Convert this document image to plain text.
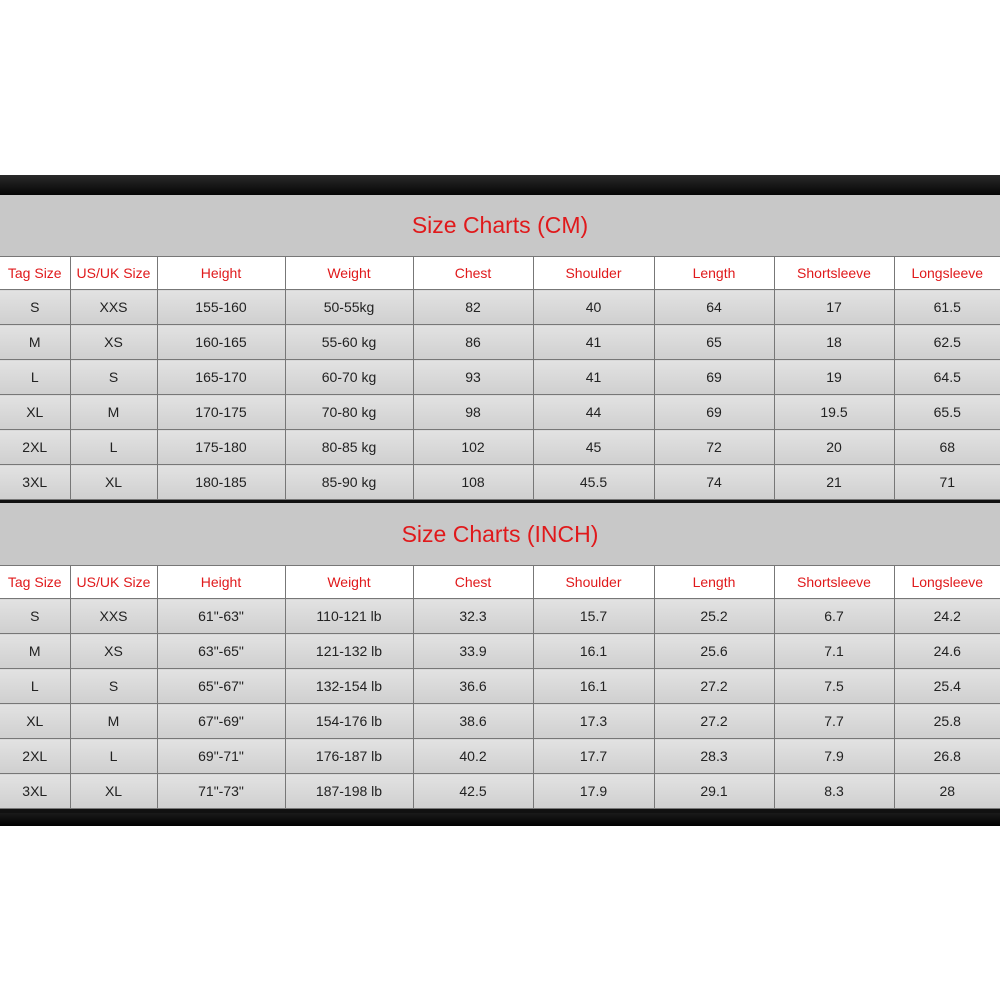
Size Charts (CM)
Tag Size	US/UK Size	Height	Weight	Chest	Shoulder	Length	Shortsleeve	Longsleeve
S	XXS	155-160	50-55kg	82	40	64	17	61.5
M	XS	160-165	55-60 kg	86	41	65	18	62.5
L	S	165-170	60-70 kg	93	41	69	19	64.5
XL	M	170-175	70-80 kg	98	44	69	19.5	65.5
2XL	L	175-180	80-85 kg	102	45	72	20	68
3XL	XL	180-185	85-90 kg	108	45.5	74	21	71
Size Charts (INCH)
Tag Size	US/UK Size	Height	Weight	Chest	Shoulder	Length	Shortsleeve	Longsleeve
S	XXS	61"-63"	110-121 lb	32.3	15.7	25.2	6.7	24.2
M	XS	63"-65"	121-132 lb	33.9	16.1	25.6	7.1	24.6
L	S	65"-67"	132-154 lb	36.6	16.1	27.2	7.5	25.4
XL	M	67"-69"	154-176 lb	38.6	17.3	27.2	7.7	25.8
2XL	L	69"-71"	176-187 lb	40.2	17.7	28.3	7.9	26.8
3XL	XL	71"-73"	187-198 lb	42.5	17.9	29.1	8.3	28
